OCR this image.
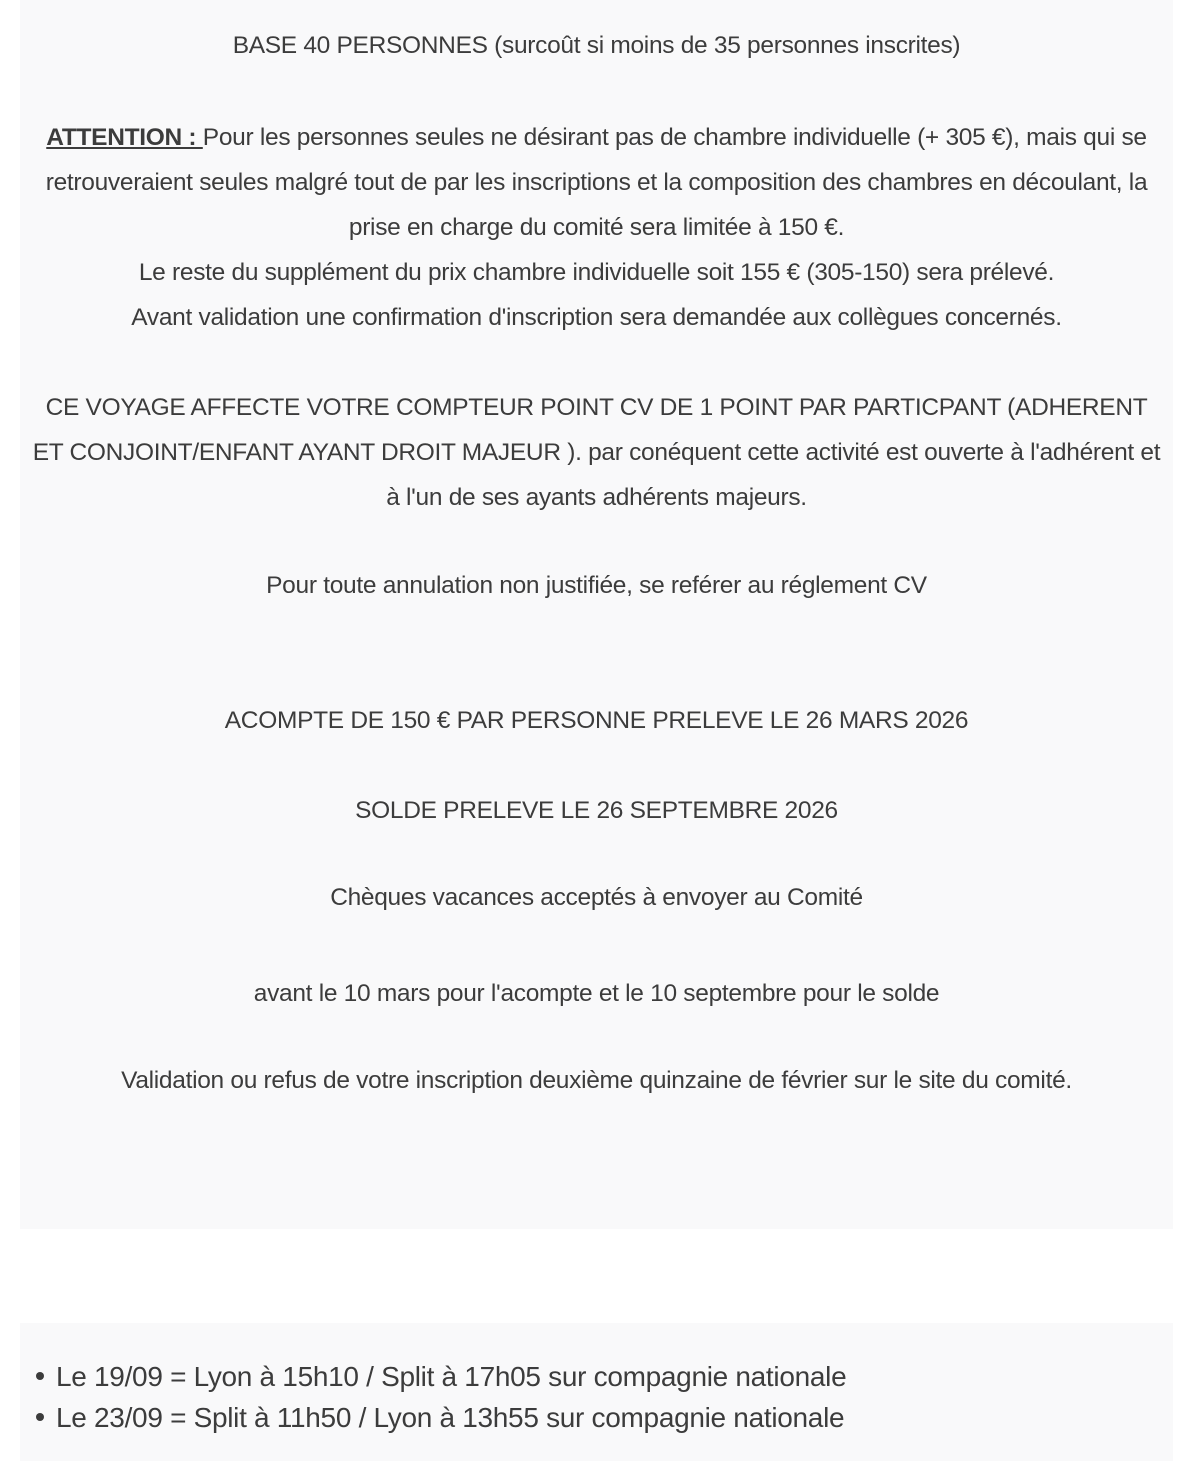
BASE 40 PERSONNES (surcoût si moins de 35 personnes inscrites)

ATTENTION : Pour les personnes seules ne désirant pas de chambre individuelle (+ 305 €), mais qui se retrouveraient seules malgré tout de par les inscriptions et la composition des chambres en découlant, la prise en charge du comité sera limitée à 150 €.

Le reste du supplément du prix chambre individuelle soit 155 € (305-150) sera prélevé.

Avant validation une confirmation d'inscription sera demandée aux collègues concernés.

CE VOYAGE AFFECTE VOTRE COMPTEUR POINT CV DE 1 POINT PAR PARTICPANT (ADHERENT ET CONJOINT/ENFANT AYANT DROIT MAJEUR ). par conéquent cette activité est ouverte à l'adhérent et à l'un de ses ayants adhérents majeurs.

Pour toute annulation non justifiée, se reférer au réglement CV

ACOMPTE DE 150 € PAR PERSONNE PRELEVE LE 26 MARS 2026

SOLDE PRELEVE LE 26 SEPTEMBRE 2026

Chèques vacances acceptés à envoyer au Comité

avant le 10 mars pour l'acompte et le 10 septembre pour le solde

Validation ou refus de votre inscription deuxième quinzaine de février sur le site du comité.

Le 19/09 = Lyon à 15h10 / Split à 17h05 sur compagnie nationale

Le 23/09 = Split à 11h50 / Lyon à 13h55 sur compagnie nationale
